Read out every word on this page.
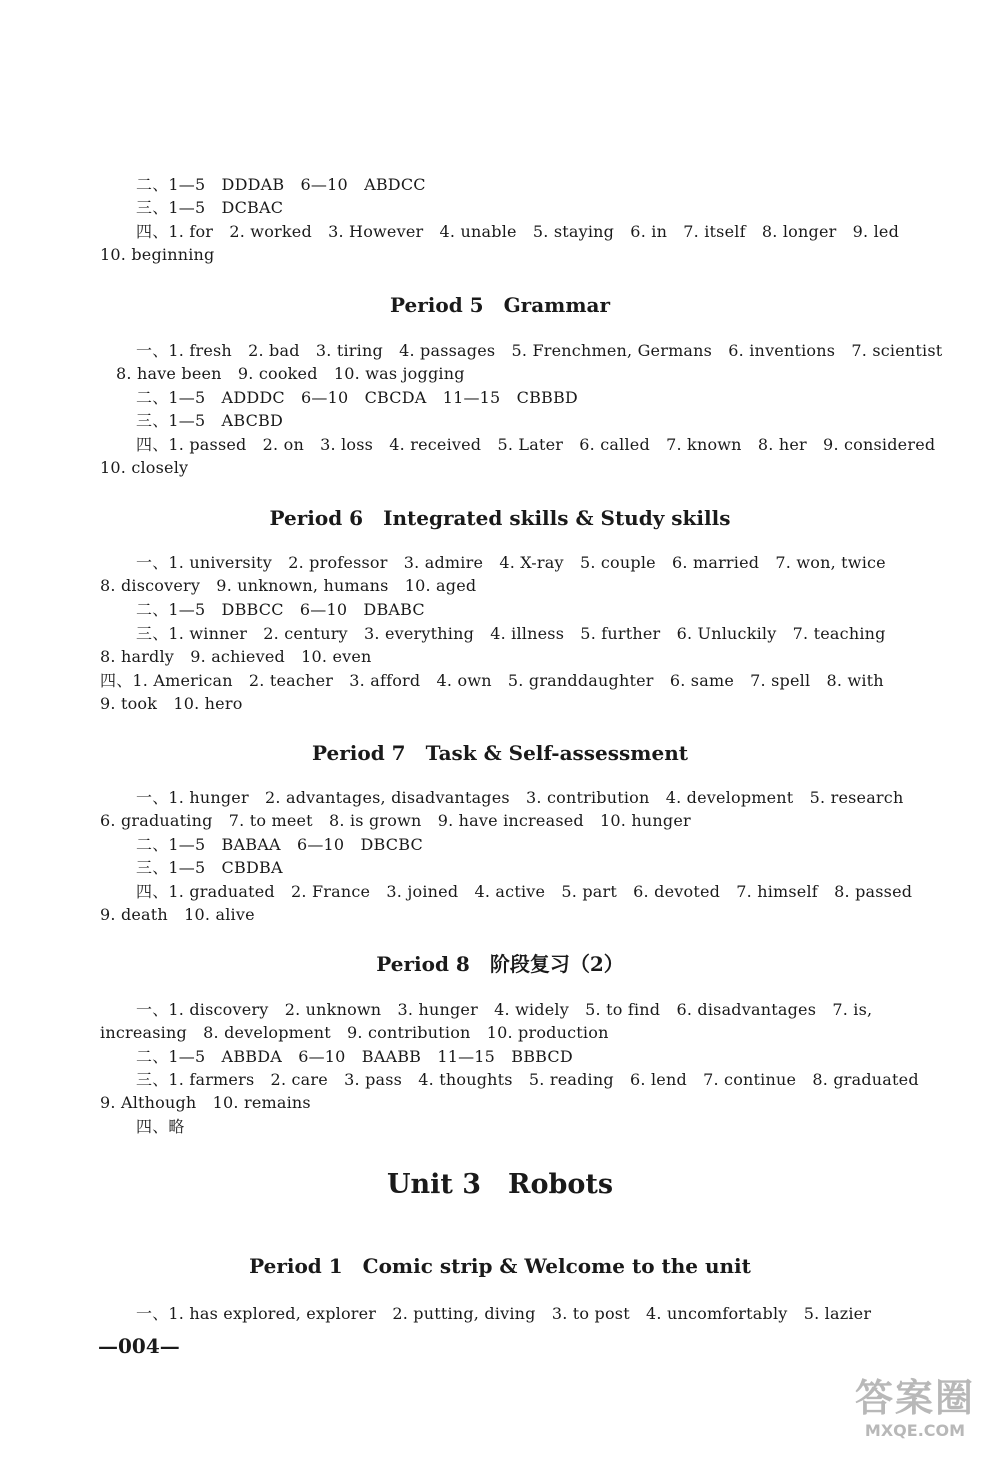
二、1—5　DDDAB　6—10　ABDCC
三、1—5　DCBAC
四、1. for　2. worked　3. However　4. unable　5. staying　6. in　7. itself　8. longer　9. led
10. beginning
Period 5　Grammar
一、1. fresh　2. bad　3. tiring　4. passages　5. Frenchmen, Germans　6. inventions　7. scientist
8. have been　9. cooked　10. was jogging
二、1—5　ADDDC　6—10　CBCDA　11—15　CBBBD
三、1—5　ABCBD
四、1. passed　2. on　3. loss　4. received　5. Later　6. called　7. known　8. her　9. considered
10. closely
Period 6　Integrated skills & Study skills
一、1. university　2. professor　3. admire　4. X-ray　5. couple　6. married　7. won, twice
8. discovery　9. unknown, humans　10. aged
二、1—5　DBBCC　6—10　DBABC
三、1. winner　2. century　3. everything　4. illness　5. further　6. Unluckily　7. teaching
8. hardly　9. achieved　10. even
四、1. American　2. teacher　3. afford　4. own　5. granddaughter　6. same　7. spell　8. with
9. took　10. hero
Period 7　Task & Self-assessment
一、1. hunger　2. advantages, disadvantages　3. contribution　4. development　5. research
6. graduating　7. to meet　8. is grown　9. have increased　10. hunger
二、1—5　BABAA　6—10　DBCBC
三、1—5　CBDBA
四、1. graduated　2. France　3. joined　4. active　5. part　6. devoted　7. himself　8. passed
9. death　10. alive
Period 8　阶段复习（2）
一、1. discovery　2. unknown　3. hunger　4. widely　5. to find　6. disadvantages　7. is,
increasing　8. development　9. contribution　10. production
二、1—5　ABBDA　6—10　BAABB　11—15　BBBCD
三、1. farmers　2. care　3. pass　4. thoughts　5. reading　6. lend　7. continue　8. graduated
9. Although　10. remains
四、略
Unit 3　Robots
Period 1　Comic strip & Welcome to the unit
一、1. has explored, explorer　2. putting, diving　3. to post　4. uncomfortably　5. lazier
—004—
答案圈
MXQE.COM
